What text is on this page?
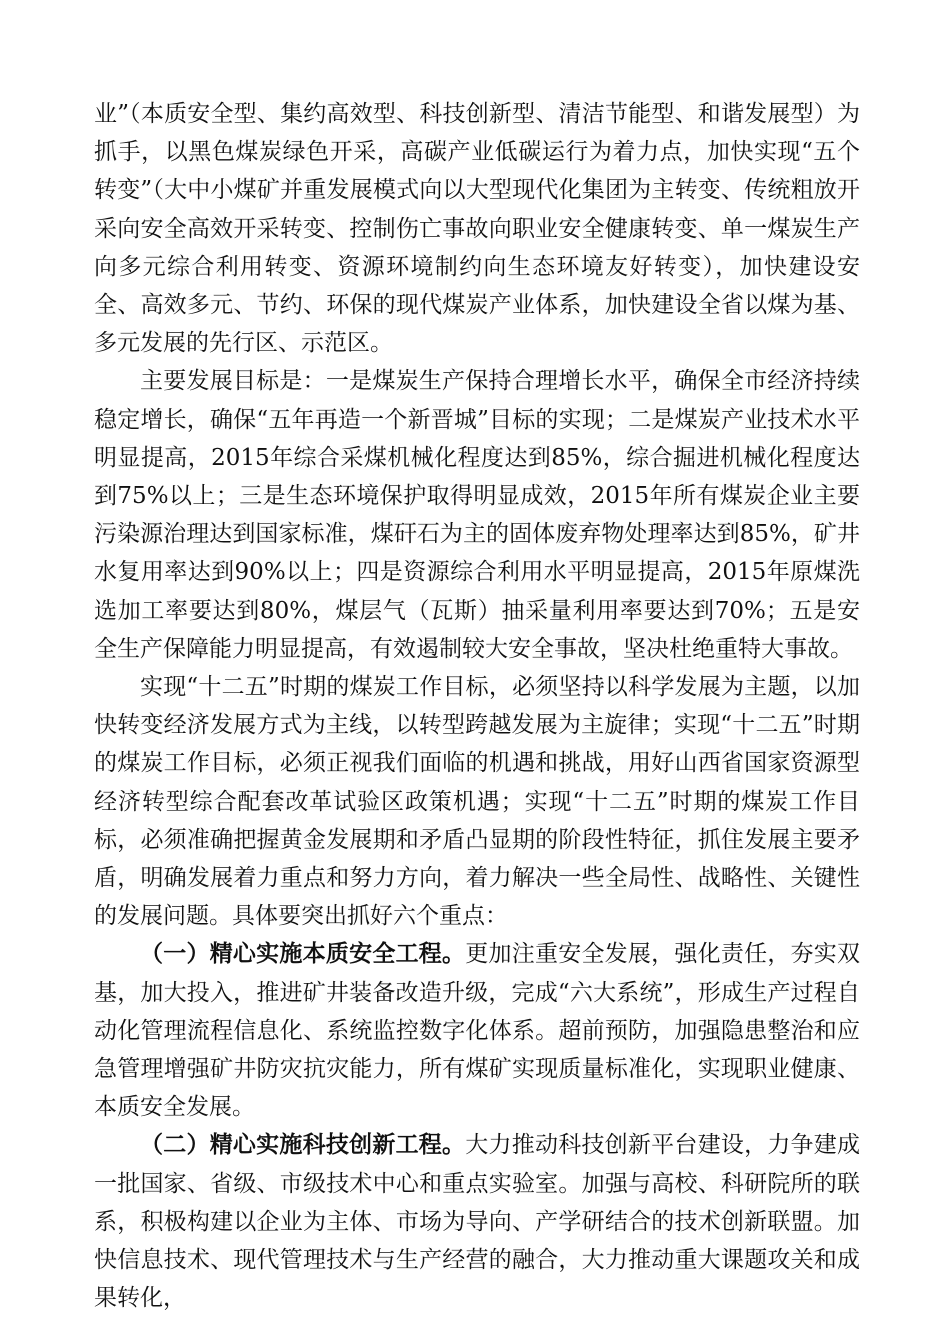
业”（本质安全型、集约高效型、科技创新型、清洁节能型、和谐发展型）为抓手，以黑色煤炭绿色开采，高碳产业低碳运行为着力点，加快实现“五个转变”（大中小煤矿并重发展模式向以大型现代化集团为主转变、传统粗放开采向安全高效开采转变、控制伤亡事故向职业安全健康转变、单一煤炭生产向多元综合利用转变、资源环境制约向生态环境友好转变），加快建设安全、高效多元、节约、环保的现代煤炭产业体系，加快建设全省以煤为基、多元发展的先行区、示范区。

主要发展目标是：一是煤炭生产保持合理增长水平，确保全市经济持续稳定增长，确保“五年再造一个新晋城”目标的实现；二是煤炭产业技术水平明显提高，2015年综合采煤机械化程度达到85%，综合掘进机械化程度达到75%以上；三是生态环境保护取得明显成效，2015年所有煤炭企业主要污染源治理达到国家标准，煤矸石为主的固体废弃物处理率达到85%，矿井水复用率达到90%以上；四是资源综合利用水平明显提高，2015年原煤洗选加工率要达到80%，煤层气（瓦斯）抽采量利用率要达到70%；五是安全生产保障能力明显提高，有效遏制较大安全事故，坚决杜绝重特大事故。

实现“十二五”时期的煤炭工作目标，必须坚持以科学发展为主题，以加快转变经济发展方式为主线，以转型跨越发展为主旋律；实现“十二五”时期的煤炭工作目标，必须正视我们面临的机遇和挑战，用好山西省国家资源型经济转型综合配套改革试验区政策机遇；实现“十二五”时期的煤炭工作目标，必须准确把握黄金发展期和矛盾凸显期的阶段性特征，抓住发展主要矛盾，明确发展着力重点和努力方向，着力解决一些全局性、战略性、关键性的发展问题。具体要突出抓好六个重点：

（一）精心实施本质安全工程。更加注重安全发展，强化责任，夯实双基，加大投入，推进矿井装备改造升级，完成“六大系统”，形成生产过程自动化管理流程信息化、系统监控数字化体系。超前预防，加强隐患整治和应急管理增强矿井防灾抗灾能力，所有煤矿实现质量标准化，实现职业健康、本质安全发展。

（二）精心实施科技创新工程。大力推动科技创新平台建设，力争建成一批国家、省级、市级技术中心和重点实验室。加强与高校、科研院所的联系，积极构建以企业为主体、市场为导向、产学研结合的技术创新联盟。加快信息技术、现代管理技术与生产经营的融合，大力推动重大课题攻关和成果转化，
